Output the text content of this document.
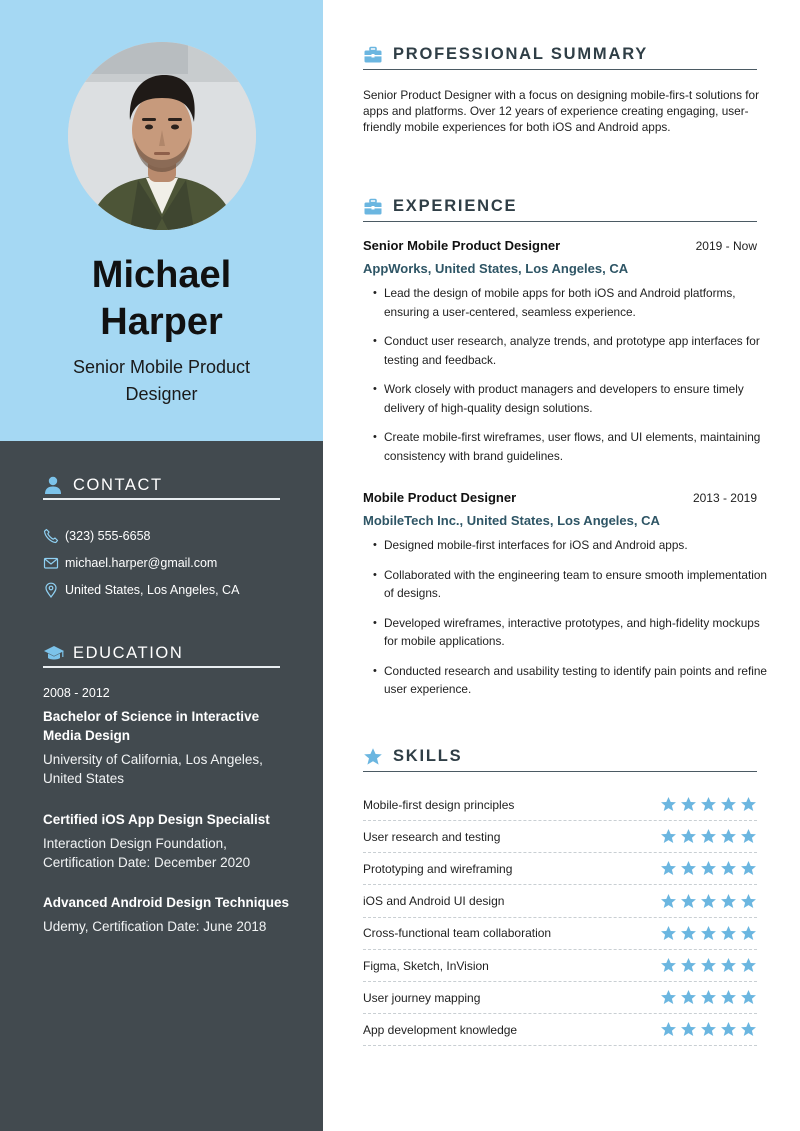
Michael
Harper
Senior Mobile Product
Designer
CONTACT
(323) 555-6658
michael.harper@gmail.com
United States, Los Angeles, CA
EDUCATION
2008 - 2012
Bachelor of Science in Interactive Media Design
University of California, Los Angeles, United States
Certified iOS App Design Specialist
Interaction Design Foundation, Certification Date: December 2020
Advanced Android Design Techniques
Udemy, Certification Date: June 2018
PROFESSIONAL SUMMARY
Senior Product Designer with a focus on designing mobile-firs-t solutions for apps and platforms. Over 12 years of experience creating engaging, user-friendly mobile experiences for both iOS and Android apps.
EXPERIENCE
Senior Mobile Product Designer	2019 - Now
AppWorks, United States, Los Angeles, CA
• Lead the design of mobile apps for both iOS and Android platforms, ensuring a user-centered, seamless experience.
• Conduct user research, analyze trends, and prototype app interfaces for testing and feedback.
• Work closely with product managers and developers to ensure timely delivery of high-quality design solutions.
• Create mobile-first wireframes, user flows, and UI elements, maintaining consistency with brand guidelines.
Mobile Product Designer	2013 - 2019
MobileTech Inc., United States, Los Angeles, CA
• Designed mobile-first interfaces for iOS and Android apps.
• Collaborated with the engineering team to ensure smooth implementation of designs.
• Developed wireframes, interactive prototypes, and high-fidelity mockups for mobile applications.
• Conducted research and usability testing to identify pain points and refine user experience.
SKILLS
Mobile-first design principles
User research and testing
Prototyping and wireframing
iOS and Android UI design
Cross-functional team collaboration
Figma, Sketch, InVision
User journey mapping
App development knowledge
